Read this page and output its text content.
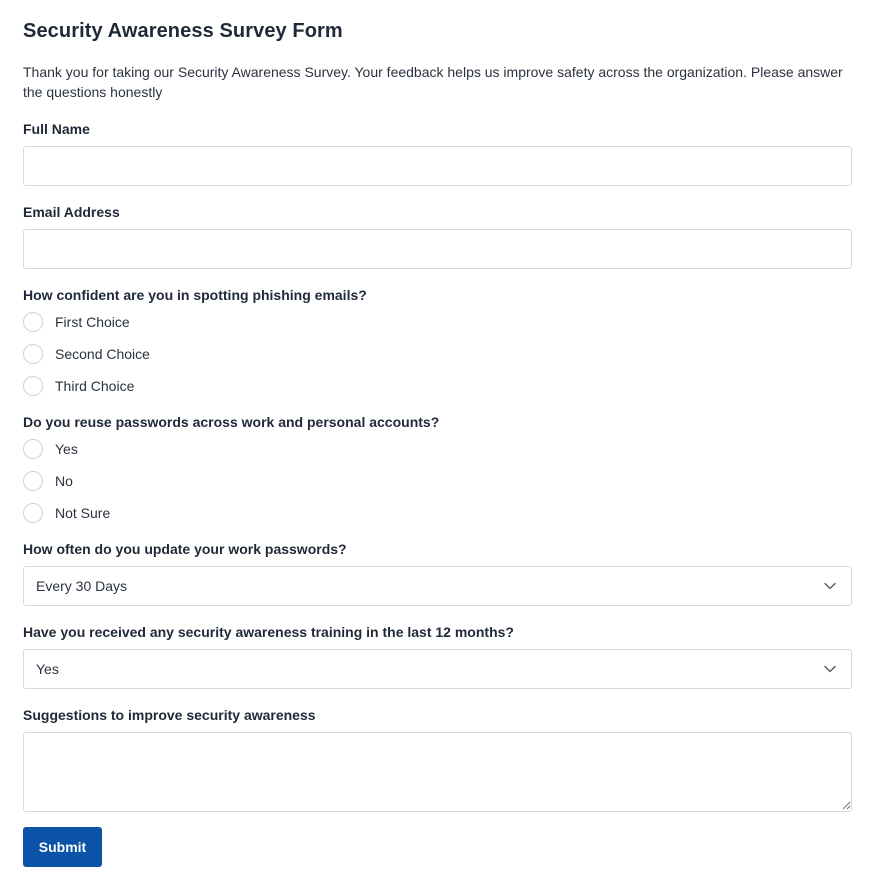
Security Awareness Survey Form

Thank you for taking our Security Awareness Survey. Your feedback helps us improve safety across the organization. Please answer the questions honestly

Full Name
Email Address
How confident are you in spotting phishing emails?
First Choice
Second Choice
Third Choice
Do you reuse passwords across work and personal accounts?
Yes
No
Not Sure
How often do you update your work passwords?
Every 30 Days
Have you received any security awareness training in the last 12 months?
Yes
Suggestions to improve security awareness
Submit
